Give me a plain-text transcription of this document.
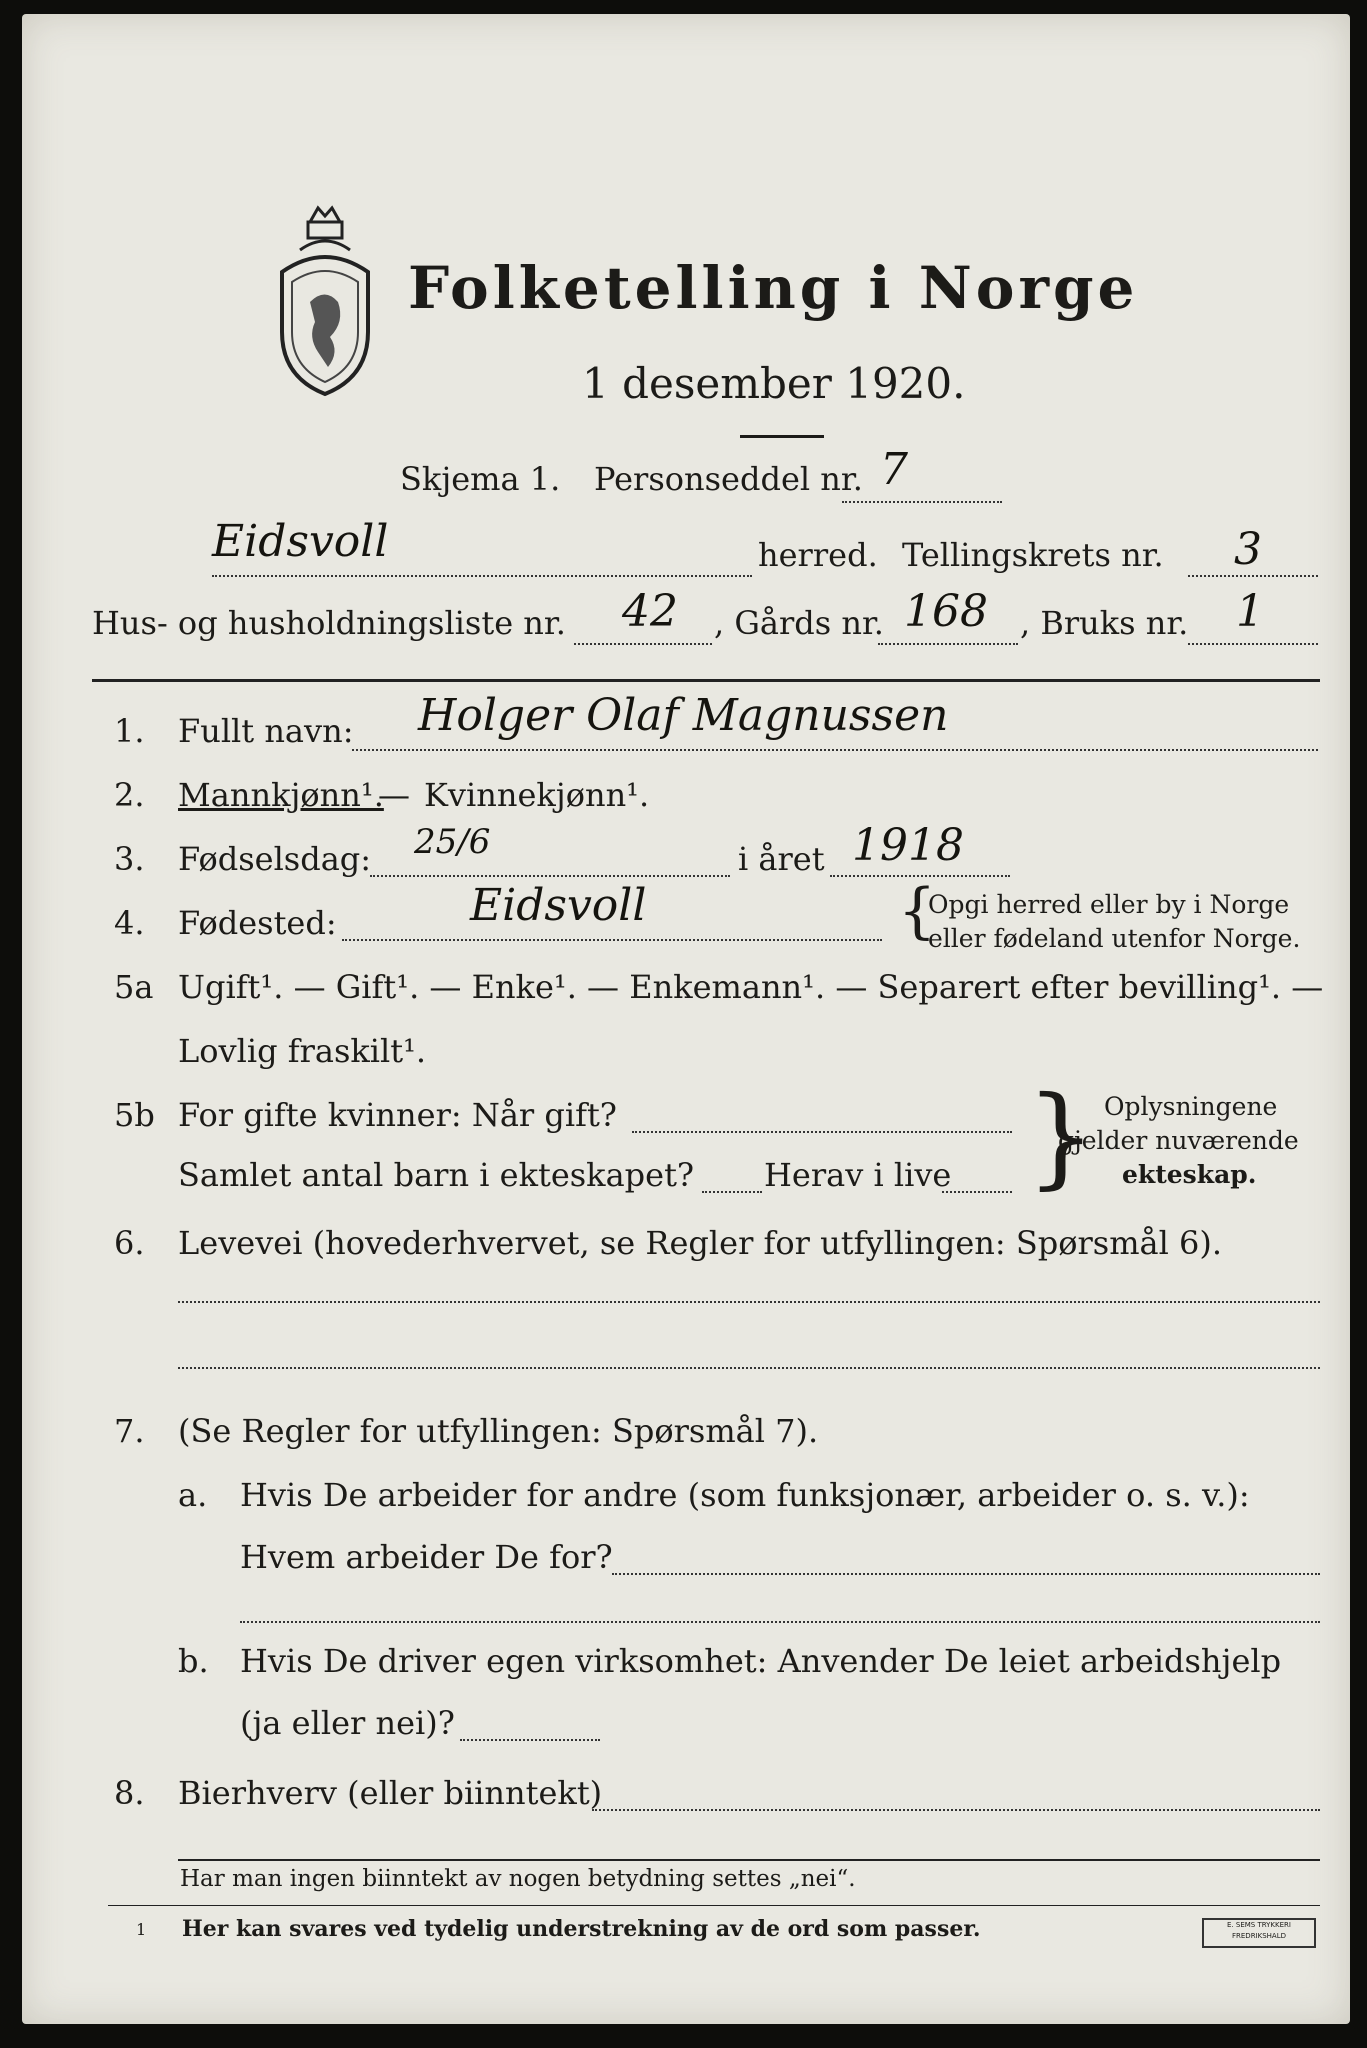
Folketelling i Norge
1 desember 1920.
Skjema 1. Personseddel nr. 7
Eidsvoll	herred. Tellingskrets nr. 3
Hus- og husholdningsliste nr. 42 , Gårds nr. 168 , Bruks nr. 1
1. Fullt navn: Holger Olaf Magnussen
2. Mannkjønn¹.
— Kvinnekjønn¹.
3. Fødselsdag: 25/6	i året 1918
4. Fødested:	Eidsvoll	{
Opgi herred eller by i Norge
eller fødeland utenfor Norge.
5a Ugift¹. — Gift¹. — Enke¹. — Enkemann¹. — Separert efter bevilling¹. —
Lovlig fraskilt¹.
5b For gifte kvinner: Når gift?
Samlet antal barn i ekteskapet? Herav i live } Oplysningene
gjelder nuværende
ekteskap.
6. Levevei (hovederhvervet, se Regler for utfyllingen: Spørsmål 6).
7. (Se Regler for utfyllingen: Spørsmål 7).
a. Hvis De arbeider for andre (som funksjonær, arbeider o. s. v.):
Hvem arbeider De for?
b. Hvis De driver egen virksomhet: Anvender De leiet arbeidshjelp
(ja eller nei)?
8. Bierhverv (eller biinntekt)
Har man ingen biinntekt av nogen betydning settes „nei“.
1 Her kan svares ved tydelig understrekning av de ord som passer.	E. SEMS TRYKKERI FREDRIKSHALD
